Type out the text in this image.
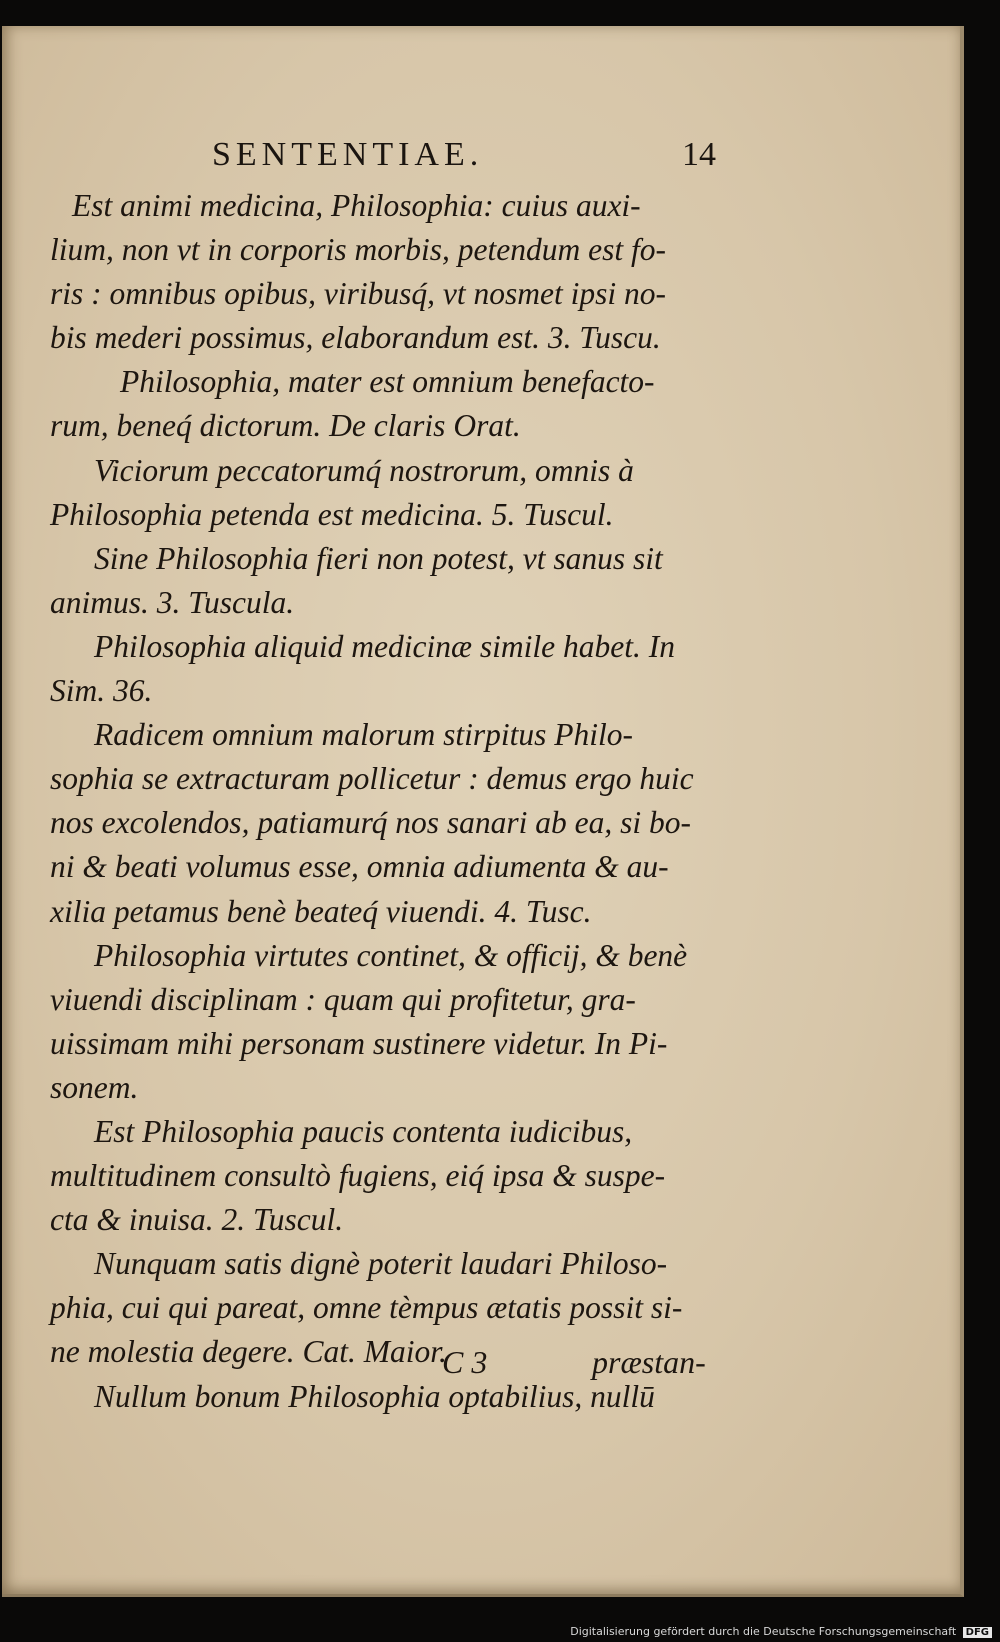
SENTENTIAE.	14
Est animi medicina, Philosophia: cuius auxi-
lium, non vt in corporis morbis, petendum est fo-
ris : omnibus opibus, viribusq́, vt nosmet ipsi no-
bis mederi possimus, elaborandum est. 3. Tuscu.
Philosophia, mater est omnium benefacto-
rum, beneq́ dictorum. De claris Orat.
Viciorum peccatorumq́ nostrorum, omnis à
Philosophia petenda est medicina. 5. Tuscul.
Sine Philosophia fieri non potest, vt sanus sit
animus. 3. Tuscula.
Philosophia aliquid medicinæ simile habet. In
Sim. 36.
Radicem omnium malorum stirpitus Philo-
sophia se extracturam pollicetur : demus ergo huic
nos excolendos, patiamurq́ nos sanari ab ea, si bo-
ni & beati volumus esse, omnia adiumenta & au-
xilia petamus benè beateq́ viuendi. 4. Tusc.
Philosophia virtutes continet, & officij, & benè
viuendi disciplinam : quam qui profitetur, gra-
uissimam mihi personam sustinere videtur. In Pi-
sonem.
Est Philosophia paucis contenta iudicibus,
multitudinem consultò fugiens, eiq́ ipsa & suspe-
cta & inuisa. 2. Tuscul.
Nunquam satis dignè poterit laudari Philoso-
phia, cui qui pareat, omne tèmpus ætatis possit si-
ne molestia degere. Cat. Maior.
Nullum bonum Philosophia optabilius, nullū
C 3	præstan-
Digitalisierung gefördert durch die Deutsche Forschungsgemeinschaft DFG
